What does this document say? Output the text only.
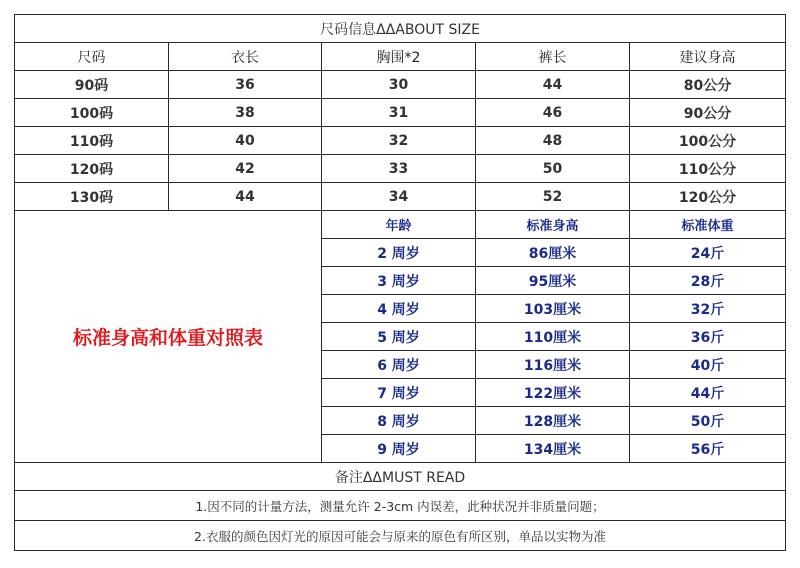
尺码信息ΔΔABOUT SIZE				
尺码	衣长	胸围*2	裤长	建议身高
90码	36	30	44	80公分
100码	38	31	46	90公分
110码	40	32	48	100公分
120码	42	33	50	110公分
130码	44	34	52	120公分
标准身高和体重对照表		年龄	标准身高	标准体重
		2 周岁	86厘米	24斤
		3 周岁	95厘米	28斤
		4 周岁	103厘米	32斤
		5 周岁	110厘米	36斤
		6 周岁	116厘米	40斤
		7 周岁	122厘米	44斤
		8 周岁	128厘米	50斤
		9 周岁	134厘米	56斤
备注ΔΔMUST READ				
1.因不同的计量方法，测量允许 2-3cm 内误差，此种状况并非质量问题；				
2.衣服的颜色因灯光的原因可能会与原来的原色有所区别，单品以实物为准				
